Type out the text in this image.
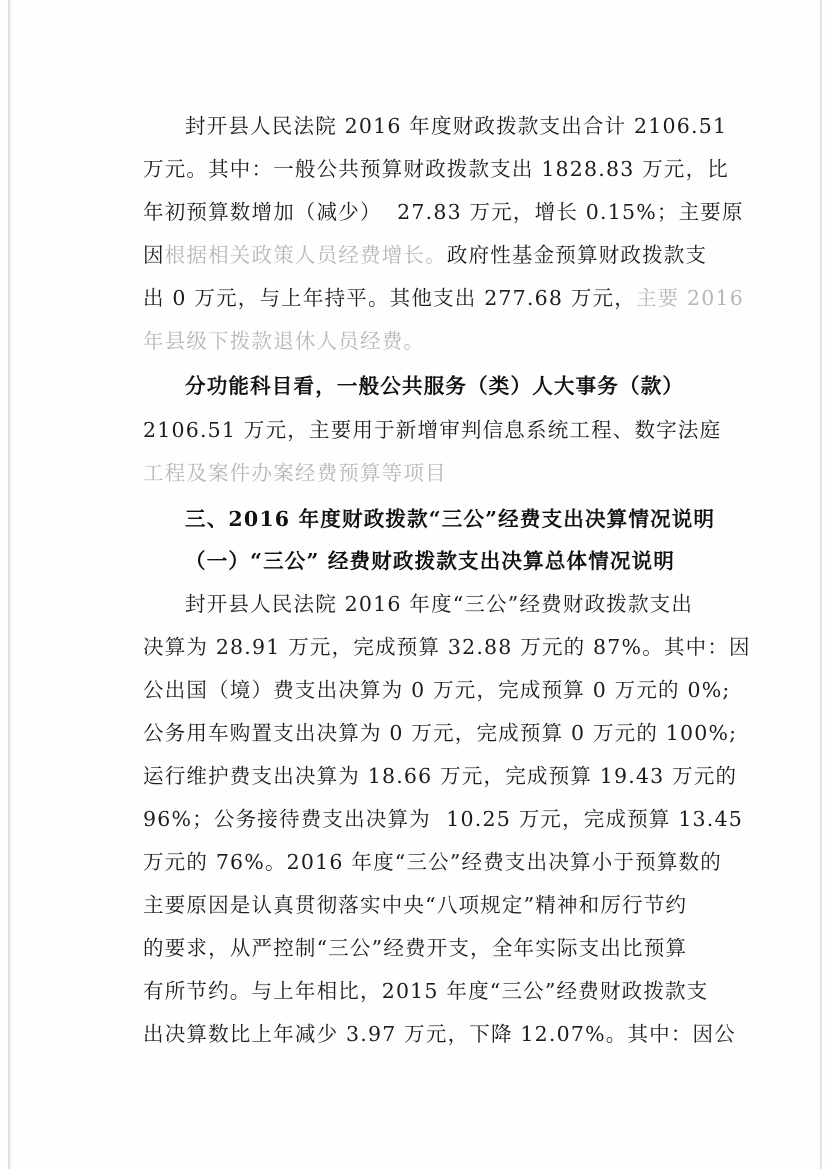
封开县人民法院 2016 年度财政拨款支出合计 2106.51
万元。其中：一般公共预算财政拨款支出 1828.83 万元，比
年初预算数增加（减少）  27.83 万元，增长 0.15%；主要原
因根据相关政策人员经费增长。政府性基金预算财政拨款支
出 0 万元，与上年持平。其他支出 277.68 万元，主要 2016
年县级下拨款退休人员经费。
分功能科目看，一般公共服务（类）人大事务（款）
2106.51 万元，主要用于新增审判信息系统工程、数字法庭
工程及案件办案经费预算等项目
三、2016 年度财政拨款“三公”经费支出决算情况说明
（一）“三公” 经费财政拨款支出决算总体情况说明
封开县人民法院 2016 年度“三公”经费财政拨款支出
决算为 28.91 万元，完成预算 32.88 万元的 87%。其中：因
公出国（境）费支出决算为 0 万元，完成预算 0 万元的 0%;
公务用车购置支出决算为 0 万元，完成预算 0 万元的 100%;
运行维护费支出决算为 18.66 万元，完成预算 19.43 万元的
96%；公务接待费支出决算为  10.25 万元，完成预算 13.45
万元的 76%。2016 年度“三公”经费支出决算小于预算数的
主要原因是认真贯彻落实中央“八项规定”精神和厉行节约
的要求，从严控制“三公”经费开支，全年实际支出比预算
有所节约。与上年相比，2015 年度“三公”经费财政拨款支
出决算数比上年减少 3.97 万元，下降 12.07%。其中：因公
